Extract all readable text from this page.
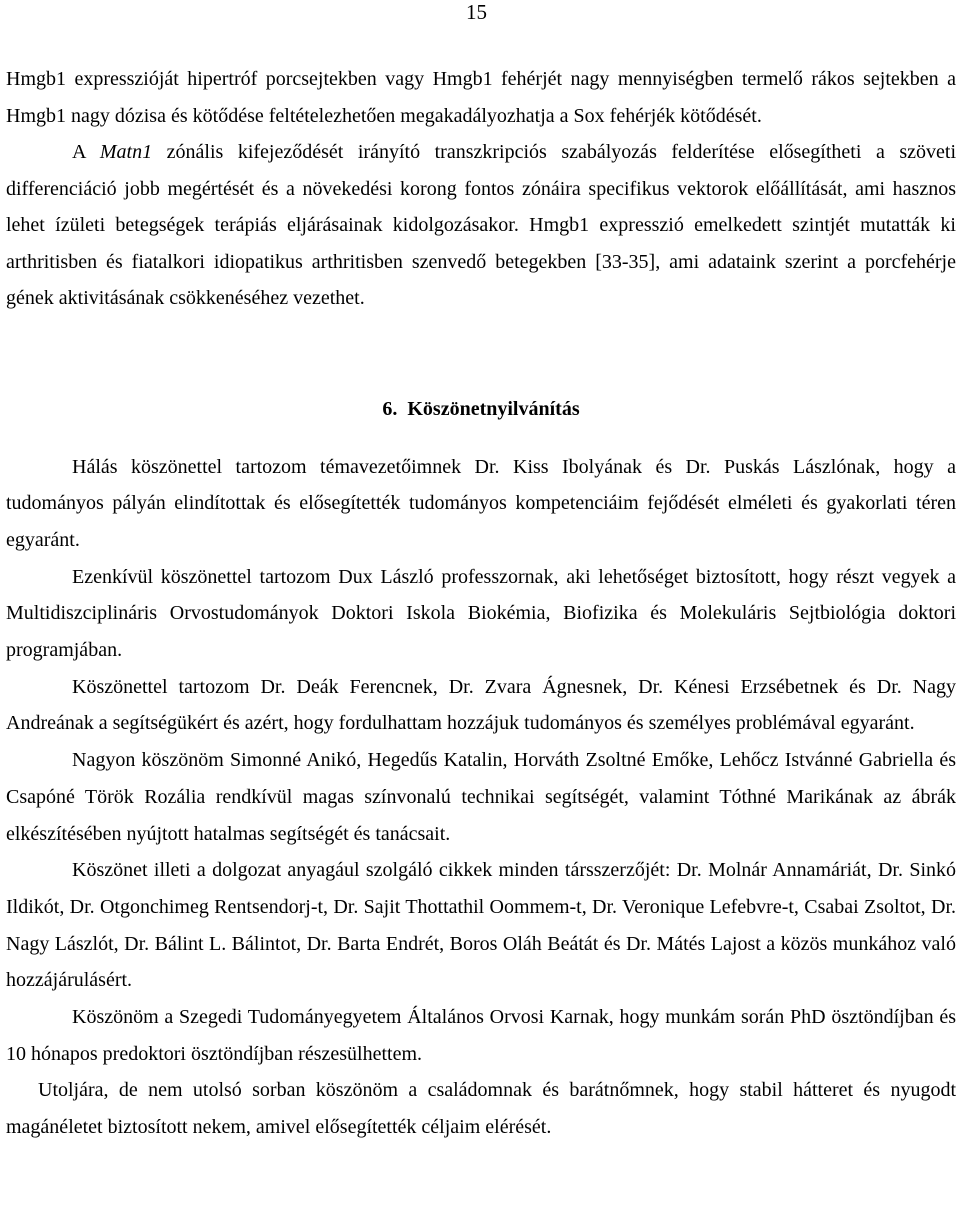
15

Hmgb1 expresszióját hipertróf porcsejtekben vagy Hmgb1 fehérjét nagy mennyiségben termelő rákos sejtekben a Hmgb1 nagy dózisa és kötődése feltételezhetően megakadályozhatja a Sox fehérjék kötődését.

A Matn1 zónális kifejeződését irányító transzkripciós szabályozás felderítése elősegítheti a szöveti differenciáció jobb megértését és a növekedési korong fontos zónáira specifikus vektorok előállítását, ami hasznos lehet ízületi betegségek terápiás eljárásainak kidolgozásakor. Hmgb1 expresszió emelkedett szintjét mutatták ki arthritisben és fiatalkori idiopatikus arthritisben szenvedő betegekben [33-35], ami adataink szerint a porcfehérje gének aktivitásának csökkenéséhez vezethet.

6. Köszönetnyilvánítás

Hálás köszönettel tartozom témavezetőimnek Dr. Kiss Ibolyának és Dr. Puskás Lászlónak, hogy a tudományos pályán elindítottak és elősegítették tudományos kompetenciáim fejődését elméleti és gyakorlati téren egyaránt.

Ezenkívül köszönettel tartozom Dux László professzornak, aki lehetőséget biztosított, hogy részt vegyek a Multidiszciplináris Orvostudományok Doktori Iskola Biokémia, Biofizika és Molekuláris Sejtbiológia doktori programjában.

Köszönettel tartozom Dr. Deák Ferencnek, Dr. Zvara Ágnesnek, Dr. Kénesi Erzsébetnek és Dr. Nagy Andreának a segítségükért és azért, hogy fordulhattam hozzájuk tudományos és személyes problémával egyaránt.

Nagyon köszönöm Simonné Anikó, Hegedűs Katalin, Horváth Zsoltné Emőke, Lehőcz Istvánné Gabriella és Csapóné Török Rozália rendkívül magas színvonalú technikai segítségét, valamint Tóthné Marikának az ábrák elkészítésében nyújtott hatalmas segítségét és tanácsait.

Köszönet illeti a dolgozat anyagául szolgáló cikkek minden társszerzőjét: Dr. Molnár Annamáriát, Dr. Sinkó Ildikót, Dr. Otgonchimeg Rentsendorj-t, Dr. Sajit Thottathil Oommem-t, Dr. Veronique Lefebvre-t, Csabai Zsoltot, Dr. Nagy Lászlót, Dr. Bálint L. Bálintot, Dr. Barta Endrét, Boros Oláh Beátát és Dr. Mátés Lajost a közös munkához való hozzájárulásért.

Köszönöm a Szegedi Tudományegyetem Általános Orvosi Karnak, hogy munkám során PhD ösztöndíjban és 10 hónapos predoktori ösztöndíjban részesülhettem.

Utoljára, de nem utolsó sorban köszönöm a családomnak és barátnőmnek, hogy stabil hátteret és nyugodt magánéletet biztosított nekem, amivel elősegítették céljaim elérését.
